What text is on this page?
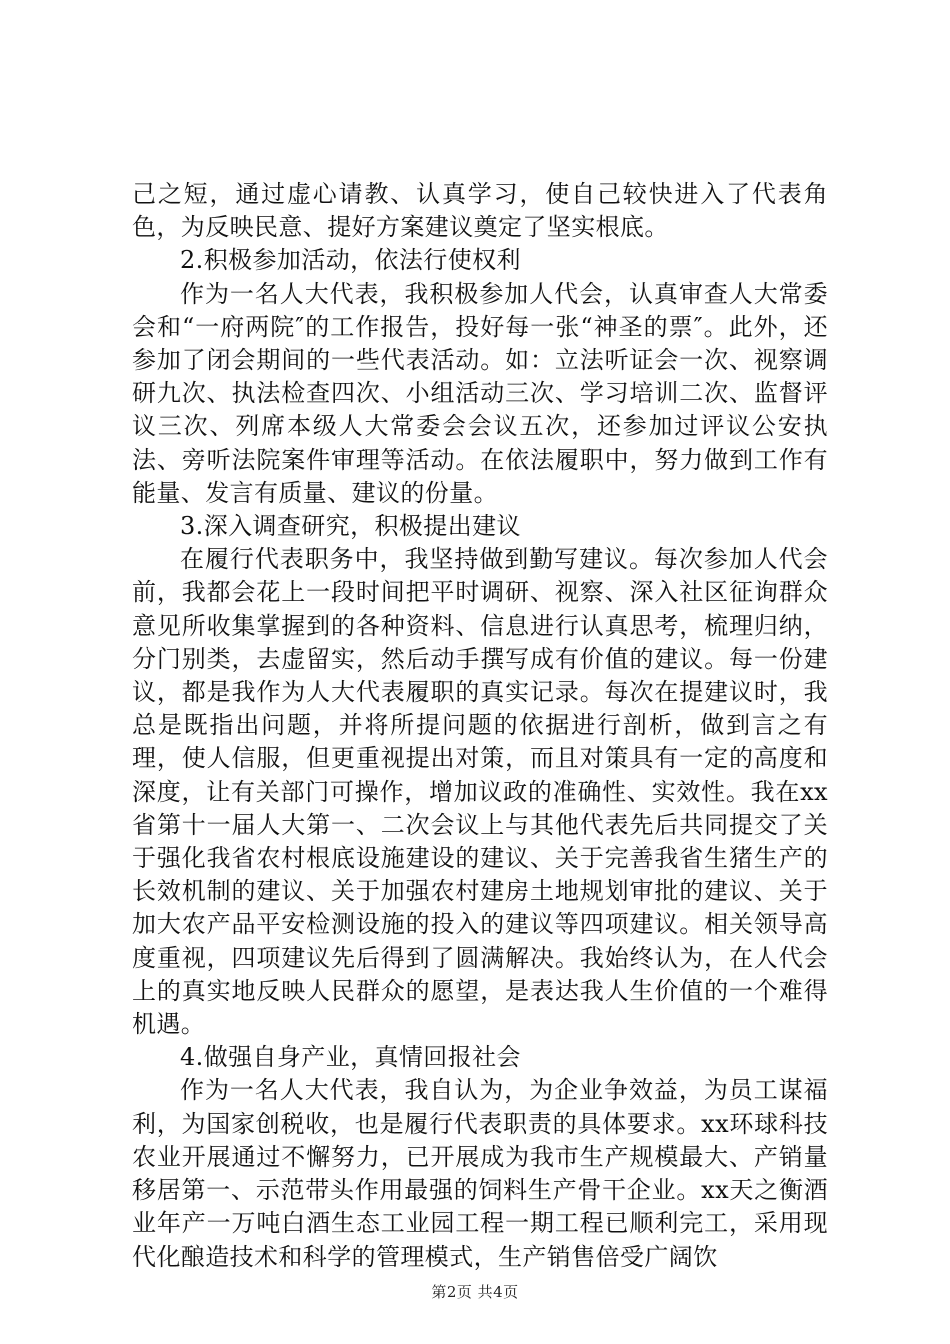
己之短，通过虚心请教、认真学习，使自己较快进入了代表角色，为反映民意、提好方案建议奠定了坚实根底。

2.积极参加活动，依法行使权利

作为一名人大代表，我积极参加人代会，认真审查人大常委会和“一府两院″的工作报告，投好每一张“神圣的票″。此外，还参加了闭会期间的一些代表活动。如：立法听证会一次、视察调研九次、执法检查四次、小组活动三次、学习培训二次、监督评议三次、列席本级人大常委会会议五次，还参加过评议公安执法、旁听法院案件审理等活动。在依法履职中，努力做到工作有能量、发言有质量、建议的份量。

3.深入调查研究，积极提出建议

在履行代表职务中，我坚持做到勤写建议。每次参加人代会前，我都会花上一段时间把平时调研、视察、深入社区征询群众意见所收集掌握到的各种资料、信息进行认真思考，梳理归纳，分门别类，去虚留实，然后动手撰写成有价值的建议。每一份建议，都是我作为人大代表履职的真实记录。每次在提建议时，我总是既指出问题，并将所提问题的依据进行剖析，做到言之有理，使人信服，但更重视提出对策，而且对策具有一定的高度和深度，让有关部门可操作，增加议政的准确性、实效性。我在xx省第十一届人大第一、二次会议上与其他代表先后共同提交了关于强化我省农村根底设施建设的建议、关于完善我省生猪生产的长效机制的建议、关于加强农村建房土地规划审批的建议、关于加大农产品平安检测设施的投入的建议等四项建议。相关领导高度重视，四项建议先后得到了圆满解决。我始终认为，在人代会上的真实地反映人民群众的愿望，是表达我人生价值的一个难得机遇。

4.做强自身产业，真情回报社会

作为一名人大代表，我自认为，为企业争效益，为员工谋福利，为国家创税收，也是履行代表职责的具体要求。xx环球科技农业开展通过不懈努力，已开展成为我市生产规模最大、产销量移居第一、示范带头作用最强的饲料生产骨干企业。xx天之衡酒业年产一万吨白酒生态工业园工程一期工程已顺利完工，采用现代化酿造技术和科学的管理模式，生产销售倍受广阔饮

第2页 共4页
